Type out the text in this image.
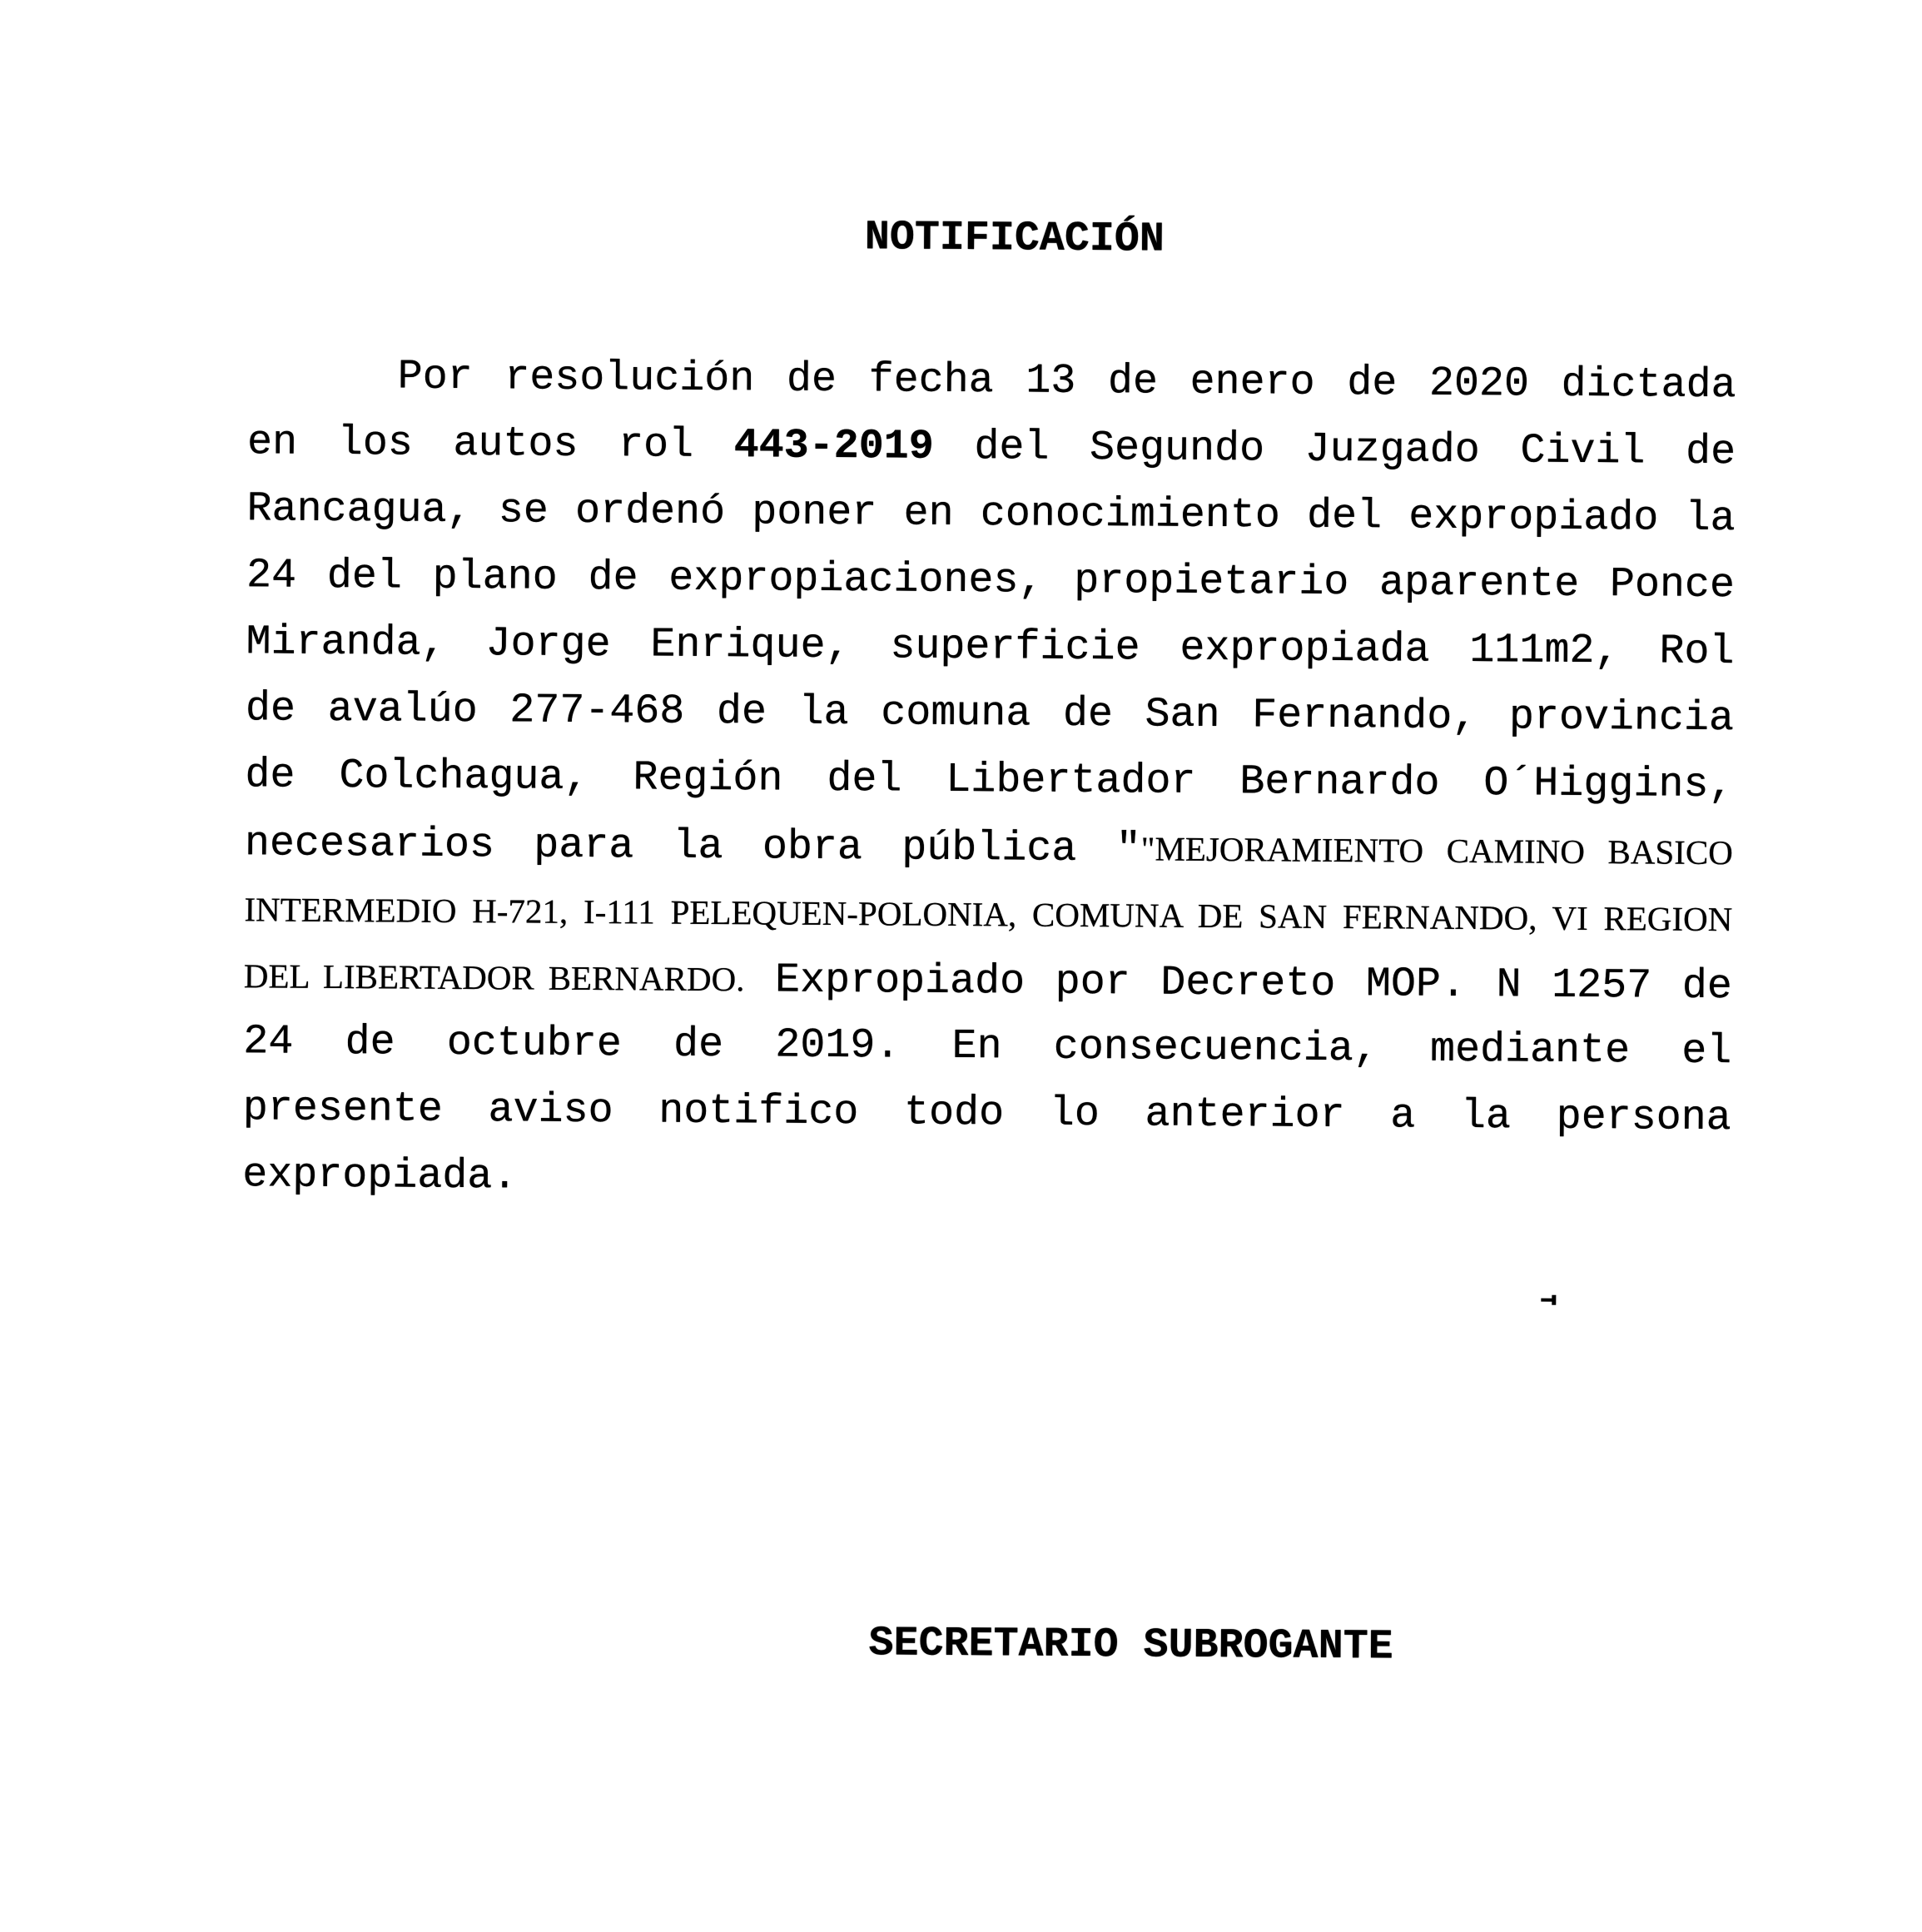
NOTIFICACIÓN
Por resolución de fecha 13 de enero de 2020 dictada
en los autos rol 443-2019 del Segundo Juzgado Civil de
Rancagua, se ordenó poner en conocimiento del expropiado la
24 del plano de expropiaciones, propietario aparente Ponce
Miranda, Jorge Enrique, superficie expropiada 111m2, Rol
de avalúo 277-468 de la comuna de San Fernando, provincia
de Colchagua, Región del Libertador Bernardo O´Higgins,
necesarios para la obra pública ""MEJORAMIENTO CAMINO BASICO
INTERMEDIO H-721, I-111 PELEQUEN-POLONIA, COMUNA DE SAN FERNANDO, VI REGION
DEL LIBERTADOR BERNARDO. Expropiado por Decreto MOP. N 1257 de
24 de octubre de 2019. En consecuencia, mediante el
presente aviso notifico todo lo anterior a la persona
expropiada.
SECRETARIO SUBROGANTE
